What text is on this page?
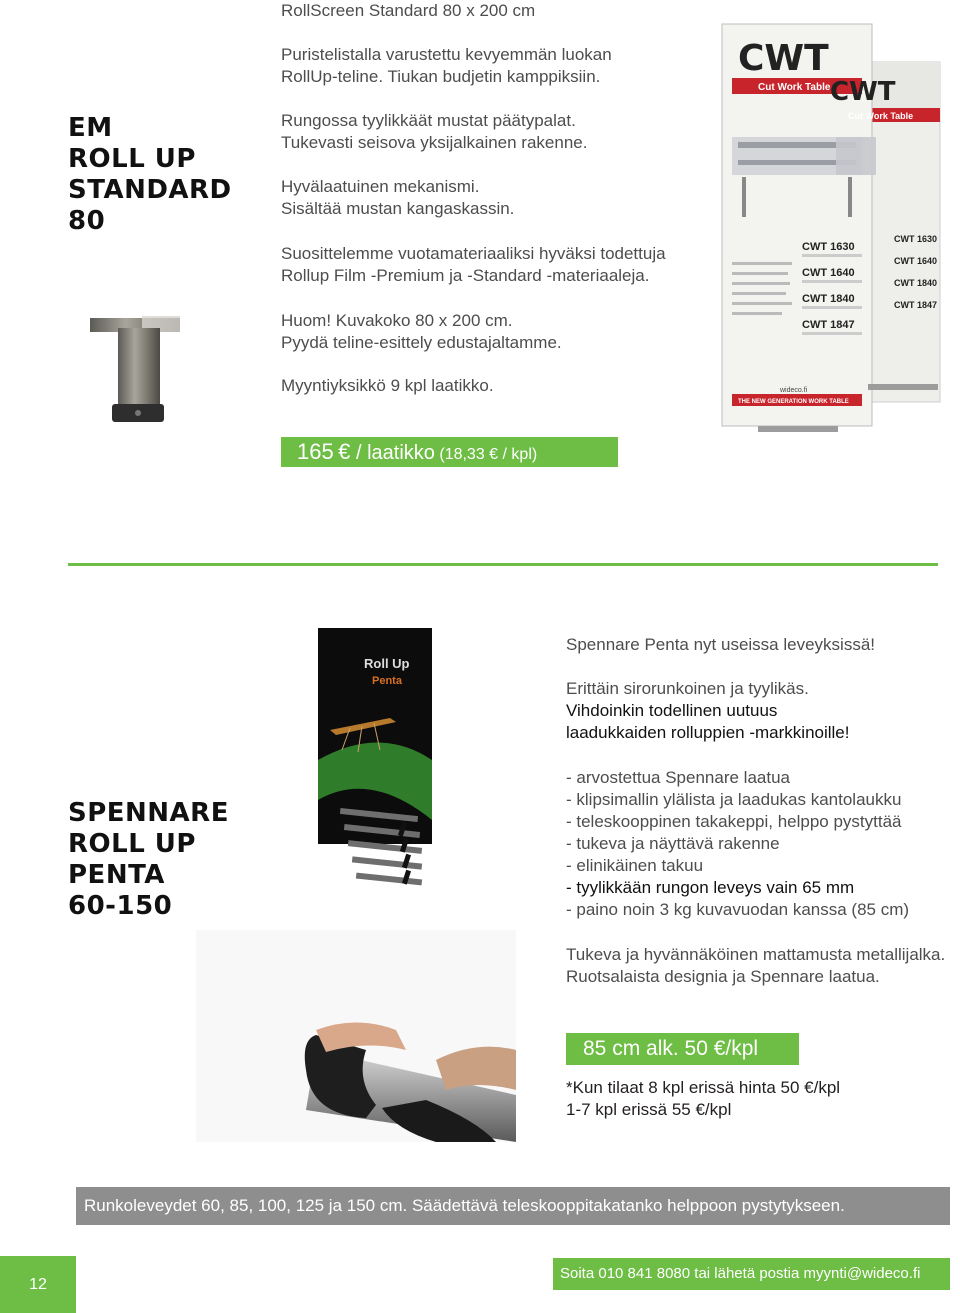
RollScreen Standard 80 x 200 cm
EM
ROLL UP
STANDARD
80
Puristelistalla varustettu kevyemmän luokan
RollUp-teline. Tiukan budjetin kamppiksiin.
Rungossa tyylikkäät mustat päätypalat.
Tukevasti seisova yksijalkainen rakenne.
Hyvälaatuinen mekanismi.
Sisältää mustan kangaskassin.
Suosittelemme vuotamateriaaliksi hyväksi todettuja
Rollup Film -Premium ja -Standard -materiaaleja.
Huom! Kuvakoko 80 x 200 cm.
Pyydä teline-esittely edustajaltamme.
Myyntiyksikkö 9 kpl laatikko.
165 € / laatikko (18,33 € / kpl)
CWT
CWT
Cut Work Table
Cut Work Table
CWT 1630
CWT 1640
CWT 1840
CWT 1847
CWT 1630
CWT 1640
CWT 1840
CWT 1847
wideco.fi
THE NEW GENERATION WORK TABLE
SPENNARE
ROLL UP
PENTA
60-150
Roll Up
Penta
Spennare Penta nyt useissa leveyksissä!
Erittäin sirorunkoinen ja tyylikäs.
Vihdoinkin todellinen uutuus
laadukkaiden rolluppien -markkinoille!
- arvostettua Spennare laatua
- klipsimallin ylälista ja laadukas kantolaukku
- teleskooppinen takakeppi, helppo pystyttää
- tukeva ja näyttävä rakenne
- elinikäinen takuu
- tyylikkään rungon leveys vain 65 mm
- paino noin 3 kg kuvavuodan kanssa (85 cm)
Tukeva ja hyvännäköinen mattamusta metallijalka.
Ruotsalaista designia ja Spennare laatua.
85 cm alk. 50 €/kpl
*Kun tilaat 8 kpl erissä hinta 50 €/kpl
1-7 kpl erissä 55 €/kpl
Runkoleveydet 60, 85, 100, 125 ja 150 cm. Säädettävä teleskooppitakatanko helppoon pystytykseen.
12
Soita 010 841 8080 tai lähetä postia myynti@wideco.fi
